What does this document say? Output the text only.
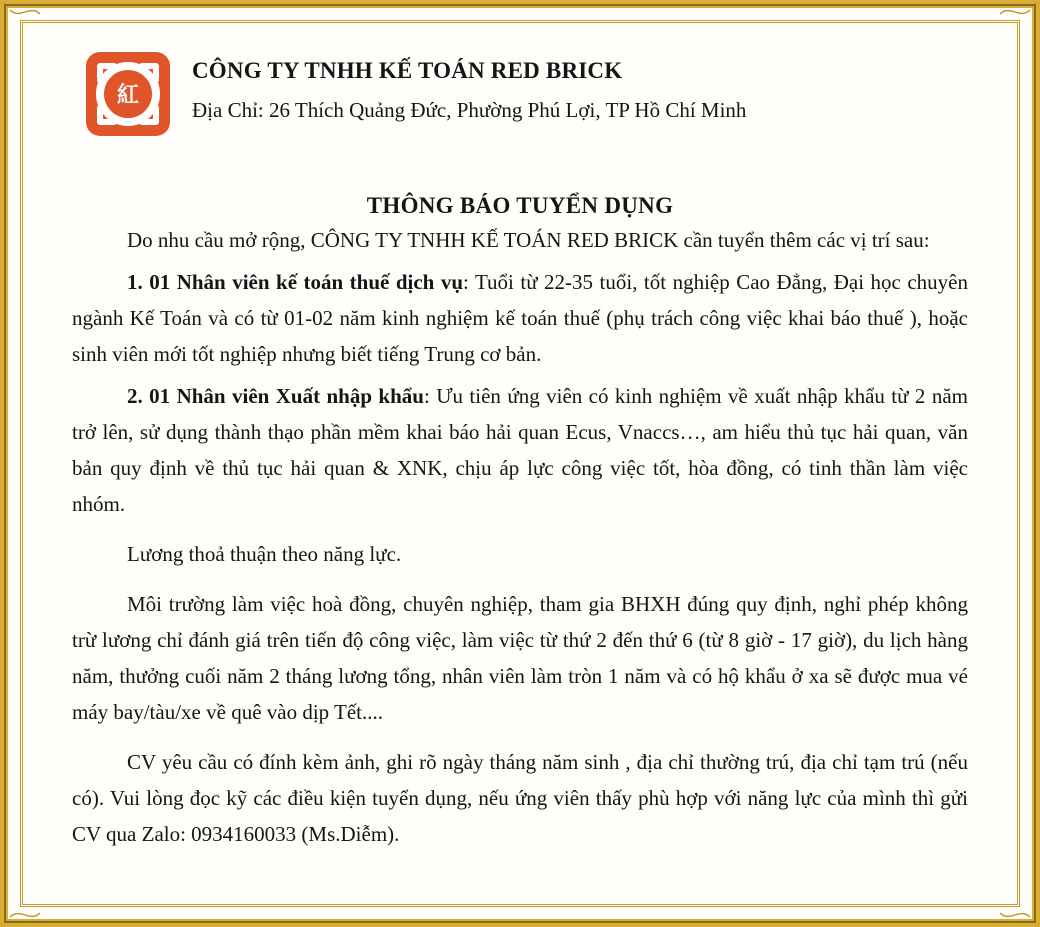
紅
CÔNG TY TNHH KẾ TOÁN RED BRICK
Địa Chỉ: 26 Thích Quảng Đức, Phường Phú Lợi, TP Hồ Chí Minh
THÔNG BÁO TUYỂN DỤNG

Do nhu cầu mở rộng, CÔNG TY TNHH KẾ TOÁN RED BRICK cần tuyển thêm các vị trí sau:

1. 01 Nhân viên kế toán thuế dịch vụ: Tuổi từ 22-35 tuổi, tốt nghiệp Cao Đẳng, Đại học chuyên ngành Kế Toán và có từ 01-02 năm kinh nghiệm kế toán thuế (phụ trách công việc khai báo thuế ), hoặc sinh viên mới tốt nghiệp nhưng biết tiếng Trung cơ bản.

2. 01 Nhân viên Xuất nhập khẩu: Ưu tiên ứng viên có kinh nghiệm về xuất nhập khẩu từ 2 năm trở lên, sử dụng thành thạo phần mềm khai báo hải quan Ecus, Vnaccs…, am hiểu thủ tục hải quan, văn bản quy định về thủ tục hải quan & XNK, chịu áp lực công việc tốt, hòa đồng, có tinh thần làm việc nhóm.

Lương thoả thuận theo năng lực.

Môi trường làm việc hoà đồng, chuyên nghiệp, tham gia BHXH đúng quy định, nghỉ phép không trừ lương chỉ đánh giá trên tiến độ công việc, làm việc từ thứ 2 đến thứ 6 (từ 8 giờ - 17 giờ), du lịch hàng năm, thưởng cuối năm 2 tháng lương tổng, nhân viên làm tròn 1 năm và có hộ khẩu ở xa sẽ được mua vé máy bay/tàu/xe về quê vào dịp Tết....

CV yêu cầu có đính kèm ảnh, ghi rõ ngày tháng năm sinh , địa chỉ thường trú, địa chỉ tạm trú (nếu có). Vui lòng đọc kỹ các điều kiện tuyển dụng, nếu ứng viên thấy phù hợp với năng lực của mình thì gửi CV qua Zalo: 0934160033 (Ms.Diễm).
